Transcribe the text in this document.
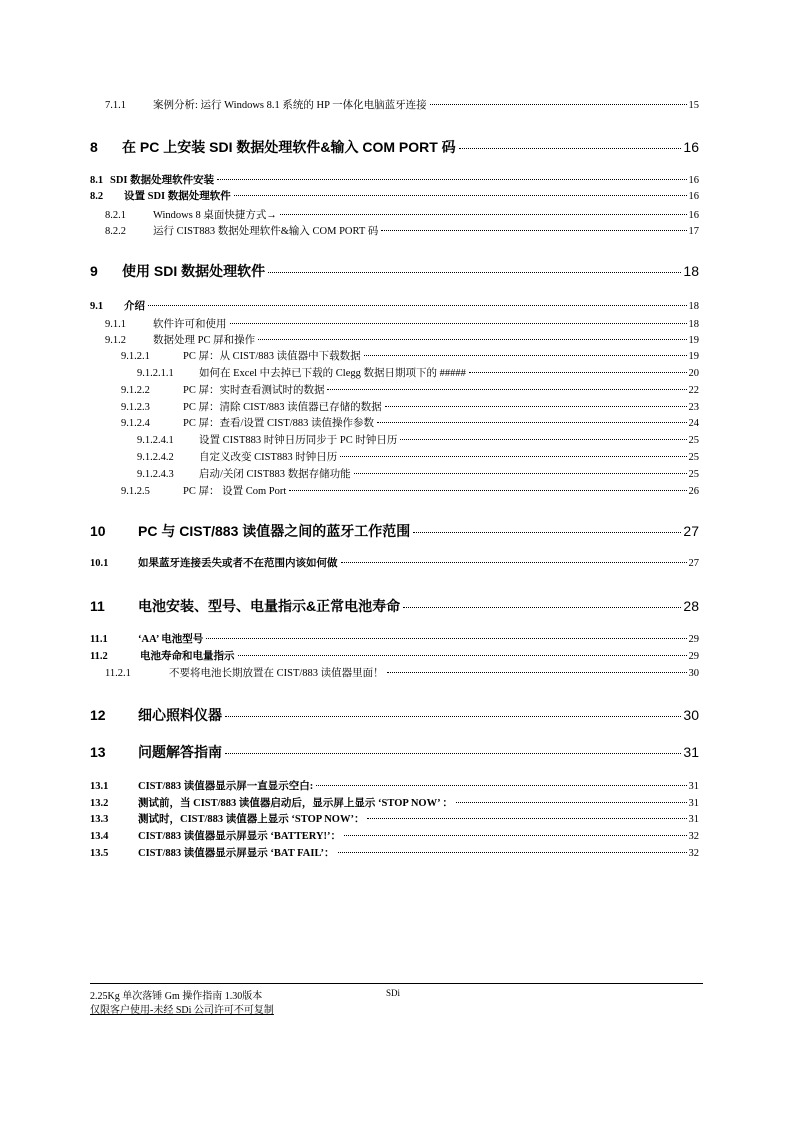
7.1.1	案例分析: 运行 Windows 8.1 系统的 HP 一体化电脑蓝牙连接	15
8	在 PC 上安装 SDI 数据处理软件&输入 COM PORT 码	16
8.1 SDI 数据处理软件安装	16
8.2	设置 SDI 数据处理软件	16
8.2.1	Windows 8 桌面快捷方式→	16
8.2.2	运行 CIST883 数据处理软件&输入 COM PORT 码	17
9	使用 SDI 数据处理软件	18
9.1	介绍	18
9.1.1	软件许可和使用	18
9.1.2	数据处理 PC 屏和操作	19
9.1.2.1	PC 屏：从 CIST/883 读值器中下载数据	19
9.1.2.1.1	如何在 Excel 中去掉已下载的 Clegg 数据日期项下的 #####	20
9.1.2.2	PC 屏：实时查看测试时的数据	22
9.1.2.3	PC 屏：清除 CIST/883 读值器已存储的数据	23
9.1.2.4	PC 屏：查看/设置 CIST/883 读值操作参数	24
9.1.2.4.1	设置 CIST883 时钟日历同步于 PC 时钟日历	25
9.1.2.4.2	自定义改变 CIST883 时钟日历	25
9.1.2.4.3	启动/关闭 CIST883 数据存储功能	25
9.1.2.5	PC 屏： 设置 Com Port	26
10	PC 与 CIST/883 读值器之间的蓝牙工作范围	27
10.1	如果蓝牙连接丢失或者不在范围内该如何做	27
11	电池安装、型号、电量指示&正常电池寿命	28
11.1	‘AA’ 电池型号	29
11.2	电池寿命和电量指示	29
11.2.1	不要将电池长期放置在 CIST/883 读值器里面！	30
12	细心照料仪器	30
13	问题解答指南	31
13.1	CIST/883 读值器显示屏一直显示空白:	31
13.2	测试前，当 CIST/883 读值器启动后，显示屏上显示 ‘STOP NOW’ ：	31
13.3	测试时，CIST/883 读值器上显示 ‘STOP NOW’：	31
13.4	CIST/883 读值器显示屏显示 ‘BATTERY!’：	32
13.5	CIST/883 读值器显示屏显示 ‘BAT FAIL’：	32
2.25Kg 单次落锤 Gm 操作指南 1.30版本	SDi
仅限客户使用-未经 SDi 公司许可不可复制
